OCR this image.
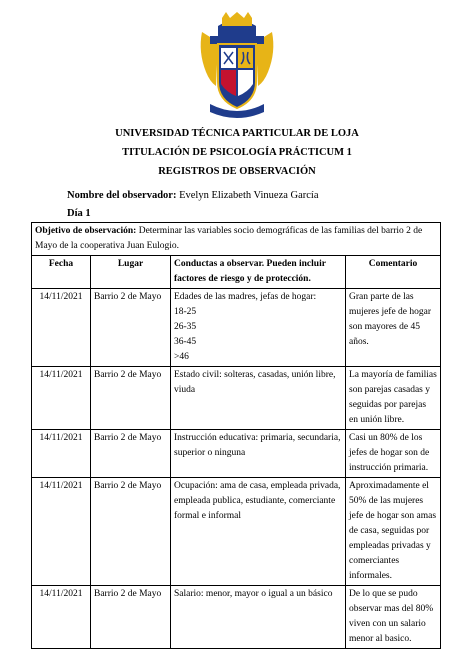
UNIVERSIDAD TÉCNICA PARTICULAR DE LOJA
TITULACIÓN DE PSICOLOGÍA PRÁCTICUM 1
REGISTROS DE OBSERVACIÓN
Nombre del observador: Evelyn Elizabeth Vinueza García
Día 1
Objetivo de observación: Determinar las variables socio demográficas de las familias del barrio 2 de Mayo de la cooperativa Juan Eulogio.			
Fecha	Lugar	Conductas a observar. Pueden incluir factores de riesgo y de protección.	Comentario
14/11/2021	Barrio 2 de Mayo	Edades de las madres, jefas de hogar:
18-25
26-35
36-45
>46	Gran parte de las mujeres jefe de hogar son mayores de 45 años.
14/11/2021	Barrio 2 de Mayo	Estado civil: solteras, casadas, unión libre, viuda	La mayoría de familias son parejas casadas y seguidas por parejas en unión libre.
14/11/2021	Barrio 2 de Mayo	Instrucción educativa: primaria, secundaria, superior o ninguna	Casi un 80% de los jefes de hogar son de instrucción primaria.
14/11/2021	Barrio 2 de Mayo	Ocupación: ama de casa, empleada privada, empleada publica, estudiante, comerciante formal e informal	Aproximadamente el 50% de las mujeres jefe de hogar son amas de casa, seguidas por empleadas privadas y comerciantes informales.
14/11/2021	Barrio 2 de Mayo	Salario: menor, mayor o igual a un básico	De lo que se pudo observar mas del 80% viven con un salario menor al basico.
